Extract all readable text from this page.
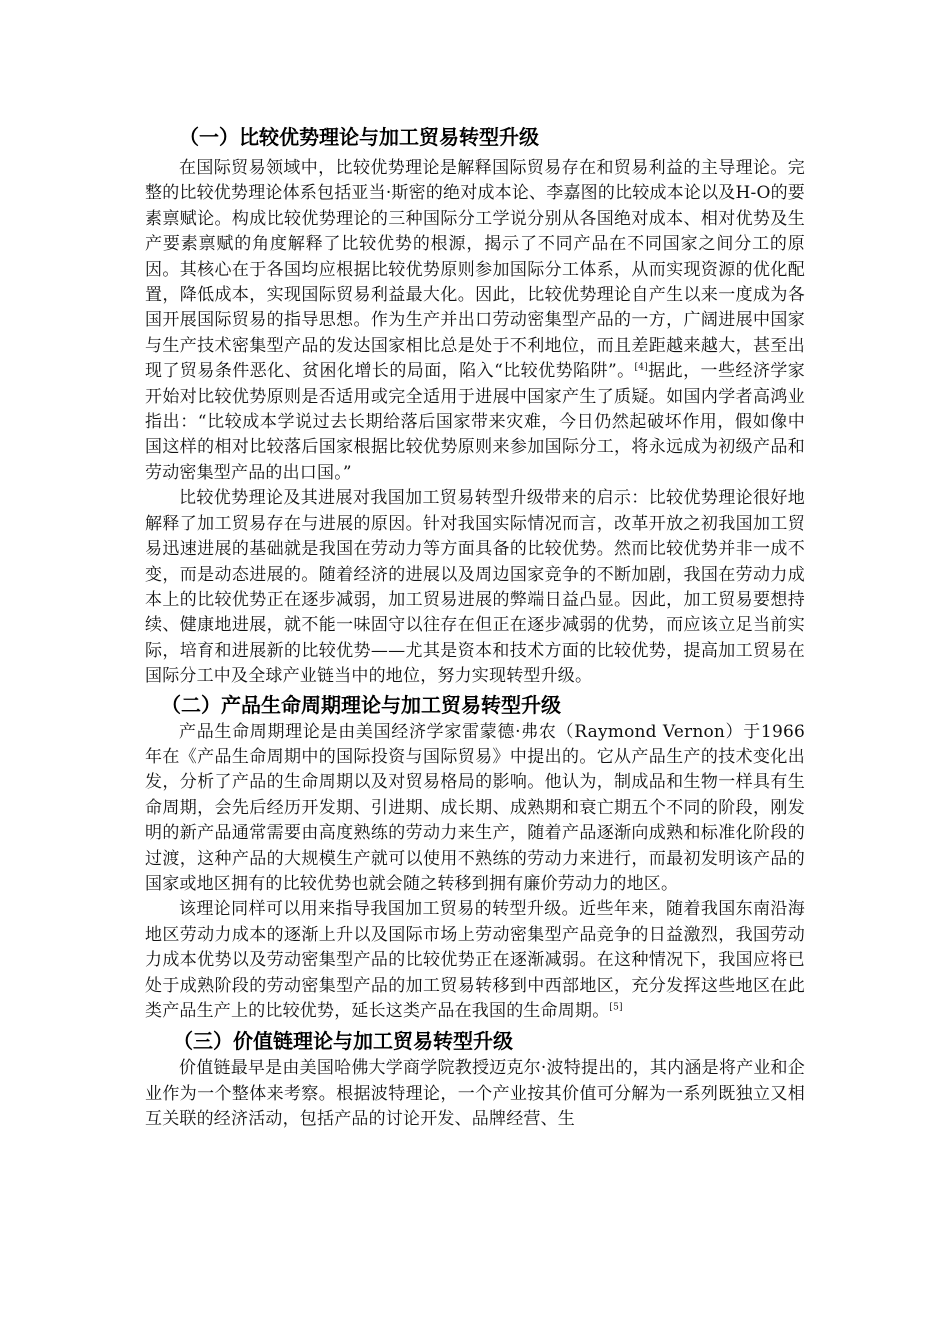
（一）比较优势理论与加工贸易转型升级

在国际贸易领域中，比较优势理论是解释国际贸易存在和贸易利益的主导理论。完整的比较优势理论体系包括亚当·斯密的绝对成本论、李嘉图的比较成本论以及H-O的要素禀赋论。构成比较优势理论的三种国际分工学说分别从各国绝对成本、相对优势及生产要素禀赋的角度解释了比较优势的根源，揭示了不同产品在不同国家之间分工的原因。其核心在于各国均应根据比较优势原则参加国际分工体系，从而实现资源的优化配置，降低成本，实现国际贸易利益最大化。因此，比较优势理论自产生以来一度成为各国开展国际贸易的指导思想。作为生产并出口劳动密集型产品的一方，广阔进展中国家与生产技术密集型产品的发达国家相比总是处于不利地位，而且差距越来越大，甚至出现了贸易条件恶化、贫困化增长的局面，陷入“比较优势陷阱”。[4]据此，一些经济学家开始对比较优势原则是否适用或完全适用于进展中国家产生了质疑。如国内学者高鸿业指出：“比较成本学说过去长期给落后国家带来灾难，今日仍然起破坏作用，假如像中国这样的相对比较落后国家根据比较优势原则来参加国际分工，将永远成为初级产品和劳动密集型产品的出口国。”

比较优势理论及其进展对我国加工贸易转型升级带来的启示：比较优势理论很好地解释了加工贸易存在与进展的原因。针对我国实际情况而言，改革开放之初我国加工贸易迅速进展的基础就是我国在劳动力等方面具备的比较优势。然而比较优势并非一成不变，而是动态进展的。随着经济的进展以及周边国家竞争的不断加剧，我国在劳动力成本上的比较优势正在逐步减弱，加工贸易进展的弊端日益凸显。因此，加工贸易要想持续、健康地进展，就不能一味固守以往存在但正在逐步减弱的优势，而应该立足当前实际，培育和进展新的比较优势——尤其是资本和技术方面的比较优势，提高加工贸易在国际分工中及全球产业链当中的地位，努力实现转型升级。

（二）产品生命周期理论与加工贸易转型升级

产品生命周期理论是由美国经济学家雷蒙德·弗农（Raymond Vernon）于1966年在《产品生命周期中的国际投资与国际贸易》中提出的。它从产品生产的技术变化出发，分析了产品的生命周期以及对贸易格局的影响。他认为，制成品和生物一样具有生命周期，会先后经历开发期、引进期、成长期、成熟期和衰亡期五个不同的阶段，刚发明的新产品通常需要由高度熟练的劳动力来生产，随着产品逐渐向成熟和标准化阶段的过渡，这种产品的大规模生产就可以使用不熟练的劳动力来进行，而最初发明该产品的国家或地区拥有的比较优势也就会随之转移到拥有廉价劳动力的地区。

该理论同样可以用来指导我国加工贸易的转型升级。近些年来，随着我国东南沿海地区劳动力成本的逐渐上升以及国际市场上劳动密集型产品竞争的日益激烈，我国劳动力成本优势以及劳动密集型产品的比较优势正在逐渐减弱。在这种情况下，我国应将已处于成熟阶段的劳动密集型产品的加工贸易转移到中西部地区，充分发挥这些地区在此类产品生产上的比较优势，延长这类产品在我国的生命周期。[5]

（三）价值链理论与加工贸易转型升级

价值链最早是由美国哈佛大学商学院教授迈克尔·波特提出的，其内涵是将产业和企业作为一个整体来考察。根据波特理论，一个产业按其价值可分解为一系列既独立又相互关联的经济活动，包括产品的讨论开发、品牌经营、生
